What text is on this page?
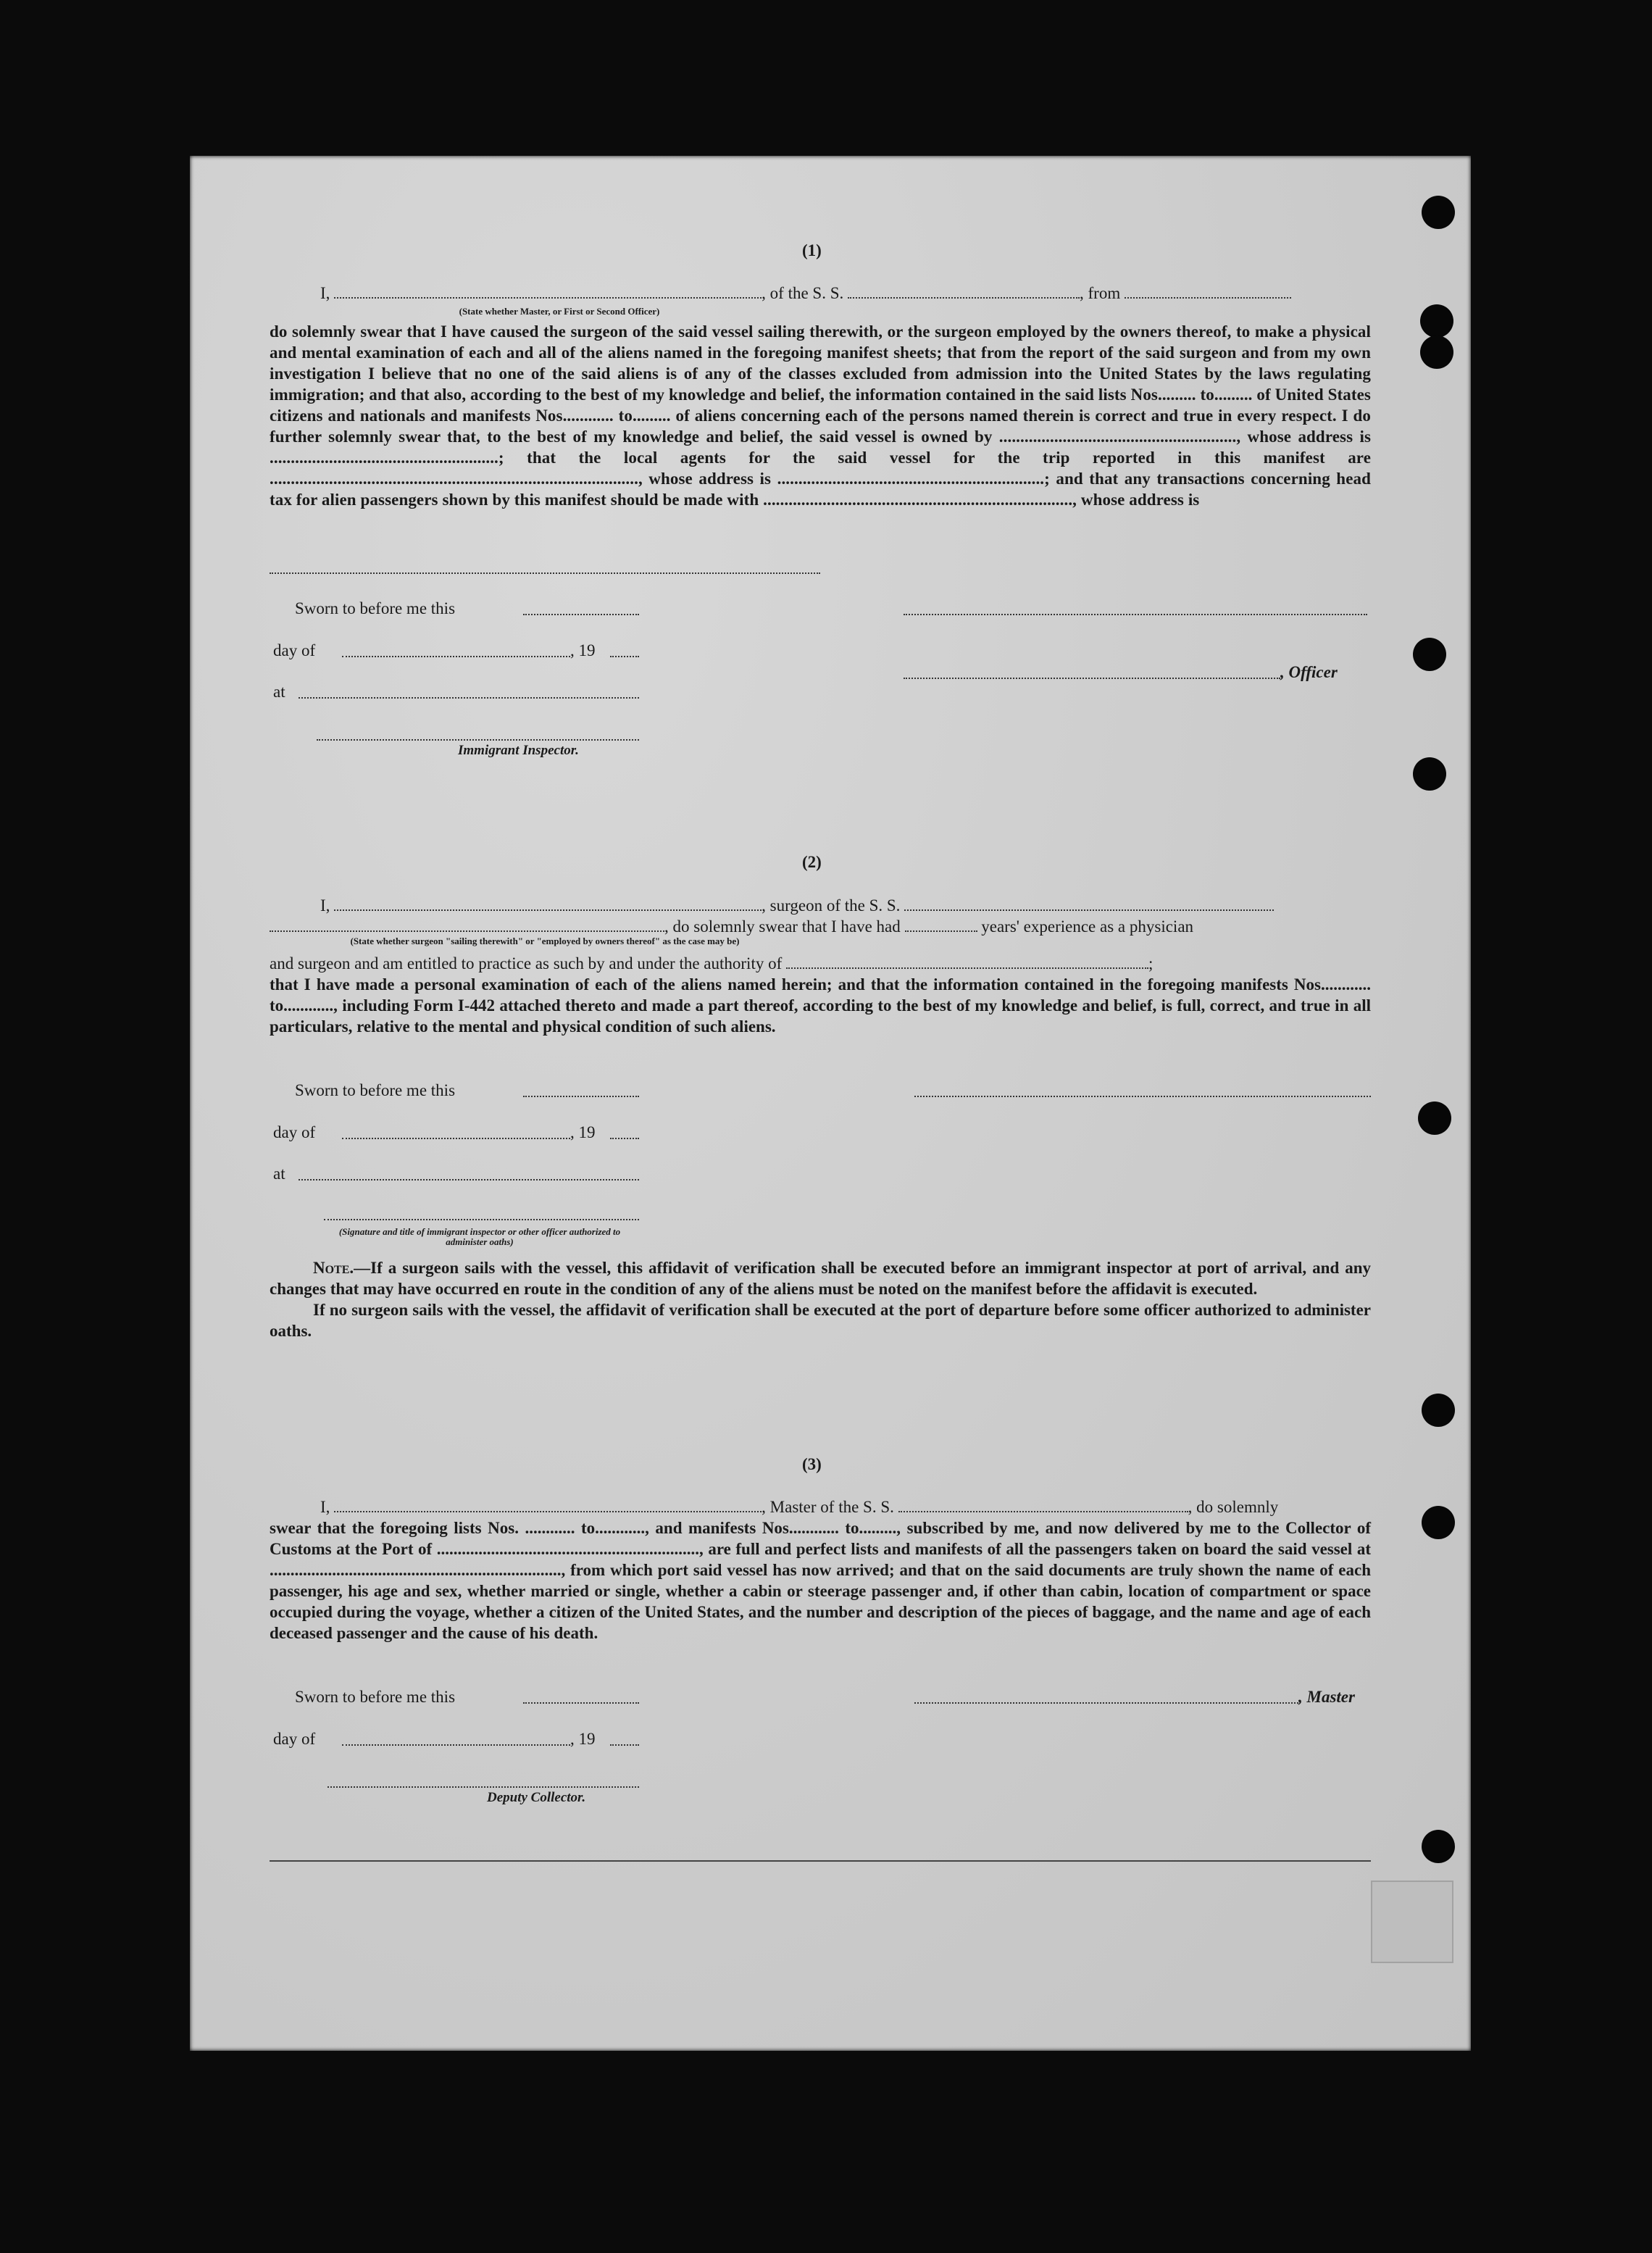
(1)
I,	, of the S. S.	, from
(State whether Master, or First or Second Officer)

do solemnly swear that I have caused the surgeon of the said vessel sailing therewith, or the surgeon employed by the owners thereof, to make a physical and mental examination of each and all of the aliens named in the foregoing manifest sheets; that from the report of the said surgeon and from my own investigation I believe that no one of the said aliens is of any of the classes excluded from admission into the United States by the laws regulating immigration; and that also, according to the best of my knowledge and belief, the information contained in the said lists Nos......... to......... of United States citizens and nationals and manifests Nos............ to......... of aliens concerning each of the persons named therein is correct and true in every respect. I do further solemnly swear that, to the best of my knowledge and belief, the said vessel is owned by ........................................................, whose address is ......................................................; that the local agents for the said vessel for the trip reported in this manifest are ......................................................................................., whose address is ...............................................................; and that any transactions concerning head tax for alien passengers shown by this manifest should be made with ........................................................................., whose address is

Sworn to before me this
day of	, 19
, Officer
at
Immigrant Inspector.
(2)
I,	, surgeon of the S. S.
, do solemnly swear that I have had	years' experience as a physician
(State whether surgeon "sailing therewith" or "employed by owners thereof" as the case may be)
and surgeon and am entitled to practice as such by and under the authority of	;

that I have made a personal examination of each of the aliens named herein; and that the information contained in the foregoing manifests Nos............ to............, including Form I-442 attached thereto and made a part thereof, according to the best of my knowledge and belief, is full, correct, and true in all particulars, relative to the mental and physical condition of such aliens.

Sworn to before me this
day of	, 19
at
(Signature and title of immigrant inspector or other officer authorized to administer oaths)

Note.—If a surgeon sails with the vessel, this affidavit of verification shall be executed before an immigrant inspector at port of arrival, and any changes that may have occurred en route in the condition of any of the aliens must be noted on the manifest before the affidavit is executed.

If no surgeon sails with the vessel, the affidavit of verification shall be executed at the port of departure before some officer authorized to administer oaths.

(3)
I,	, Master of the S. S.	, do solemnly

swear that the foregoing lists Nos. ............ to............, and manifests Nos............ to........., subscribed by me, and now delivered by me to the Collector of Customs at the Port of ..............................................................., are full and perfect lists and manifests of all the passengers taken on board the said vessel at ......................................................................, from which port said vessel has now arrived; and that on the said documents are truly shown the name of each passenger, his age and sex, whether married or single, whether a cabin or steerage passenger and, if other than cabin, location of compartment or space occupied during the voyage, whether a citizen of the United States, and the number and description of the pieces of baggage, and the name and age of each deceased passenger and the cause of his death.

Sworn to before me this	, Master
day of	, 19
Deputy Collector.
